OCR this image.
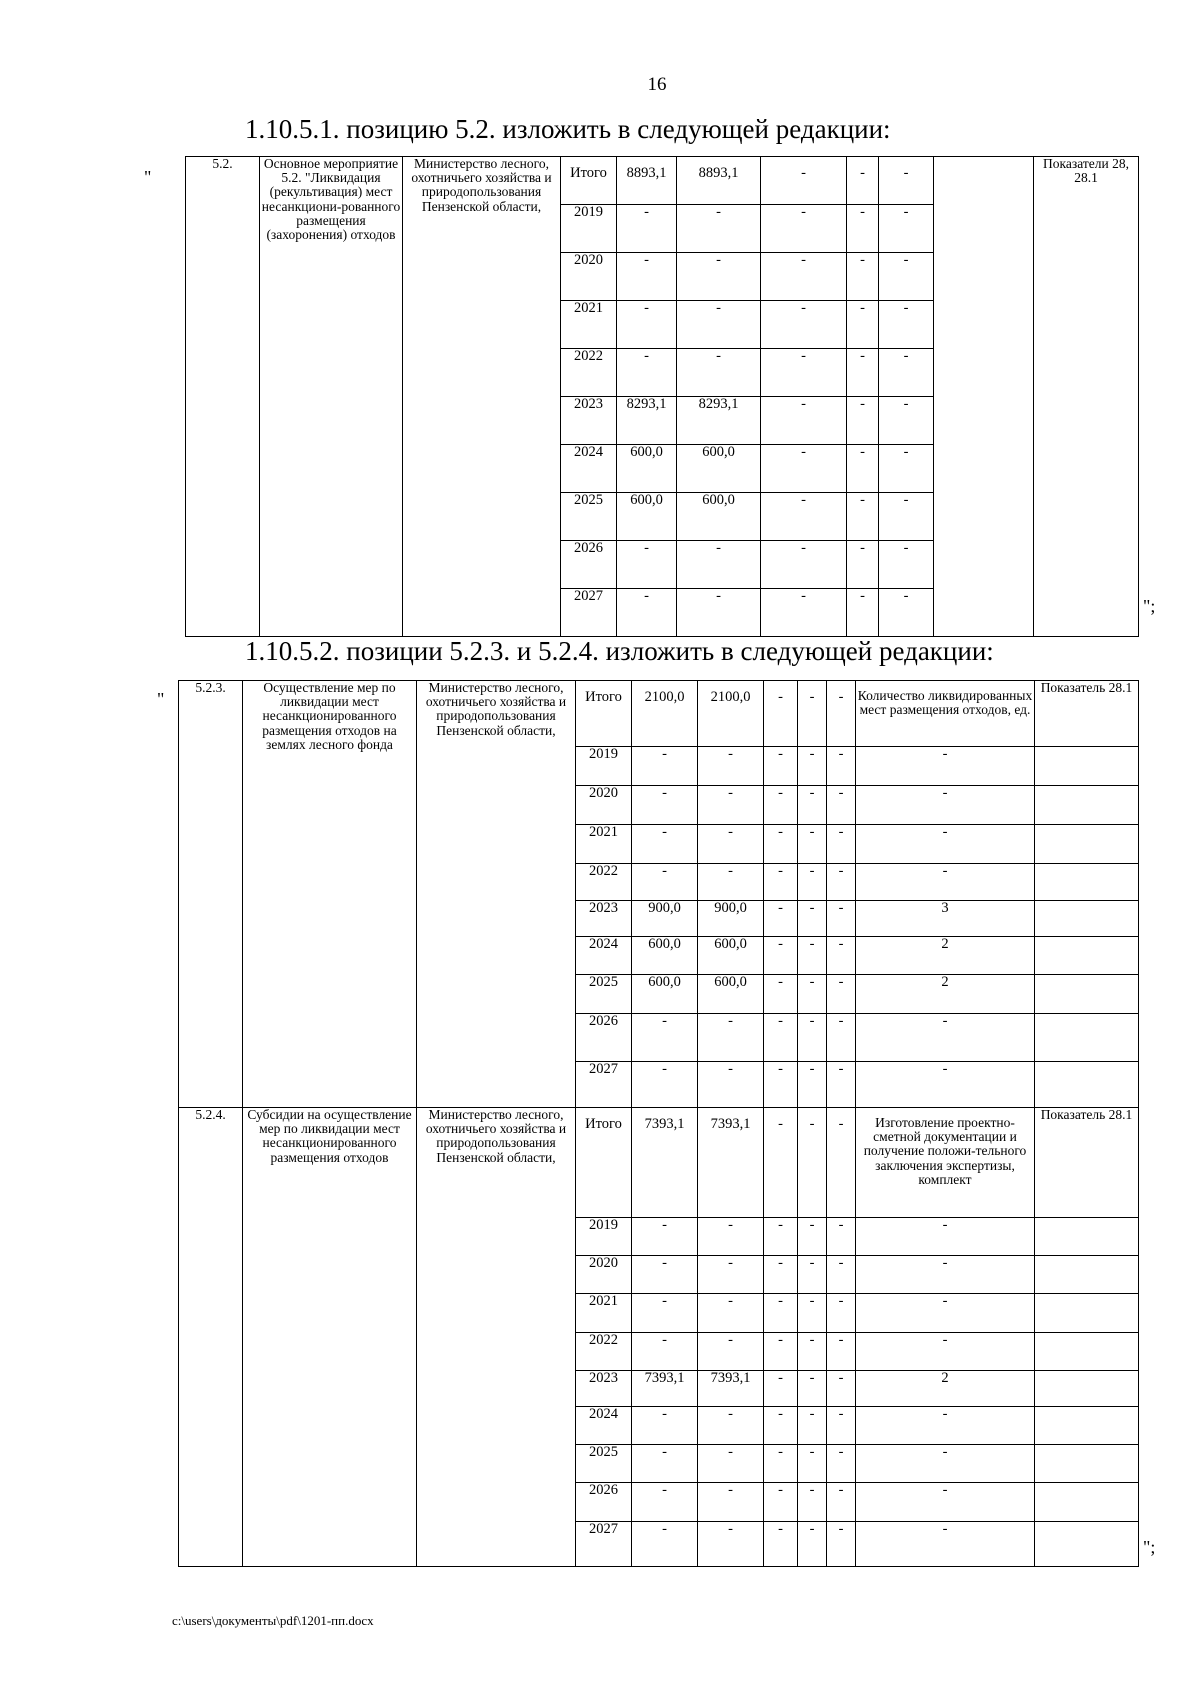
16
1.10.5.1. позицию 5.2. изложить в следующей редакции:
"
";
5.2.	Основное мероприятие 5.2. "Ликвидация (рекультивация) мест несанкциони-рованного размещения (захоронения) отходов	Министерство лесного, охотничьего хозяйства и природопользования Пензенской области,	Итого	8893,1	8893,1	-	-	-		Показатели 28, 28.1
			2019	-	-	-	-	-		
			2020	-	-	-	-	-		
			2021	-	-	-	-	-		
			2022	-	-	-	-	-		
			2023	8293,1	8293,1	-	-	-		
			2024	600,0	600,0	-	-	-		
			2025	600,0	600,0	-	-	-		
			2026	-	-	-	-	-		
			2027	-	-	-	-	-		
1.10.5.2. позиции 5.2.3. и 5.2.4. изложить в следующей редакции:
"
";
5.2.3.	Осуществление мер по ликвидации мест несанкционированного размещения отходов на землях лесного фонда	Министерство лесного, охотничьего хозяйства и природопользования Пензенской области,	Итого	2100,0	2100,0	-	-	-	Количество ликвидированных мест размещения отходов, ед.	Показатель 28.1
			2019	-	-	-	-	-	-	
			2020	-	-	-	-	-	-	
			2021	-	-	-	-	-	-	
			2022	-	-	-	-	-	-	
			2023	900,0	900,0	-	-	-	3	
			2024	600,0	600,0	-	-	-	2	
			2025	600,0	600,0	-	-	-	2	
			2026	-	-	-	-	-	-	
			2027	-	-	-	-	-	-	
5.2.4.	Субсидии на осуществление мер по ликвидации мест несанкционированного размещения отходов	Министерство лесного, охотничьего хозяйства и природопользования Пензенской области,	Итого	7393,1	7393,1	-	-	-	Изготовление проектно-сметной документации и получение положи-тельного заключения экспертизы, комплект	Показатель 28.1
			2019	-	-	-	-	-	-	
			2020	-	-	-	-	-	-	
			2021	-	-	-	-	-	-	
			2022	-	-	-	-	-	-	
			2023	7393,1	7393,1	-	-	-	2	
			2024	-	-	-	-	-	-	
			2025	-	-	-	-	-	-	
			2026	-	-	-	-	-	-	
			2027	-	-	-	-	-	-	
c:\users\документы\pdf\1201-пп.docx
